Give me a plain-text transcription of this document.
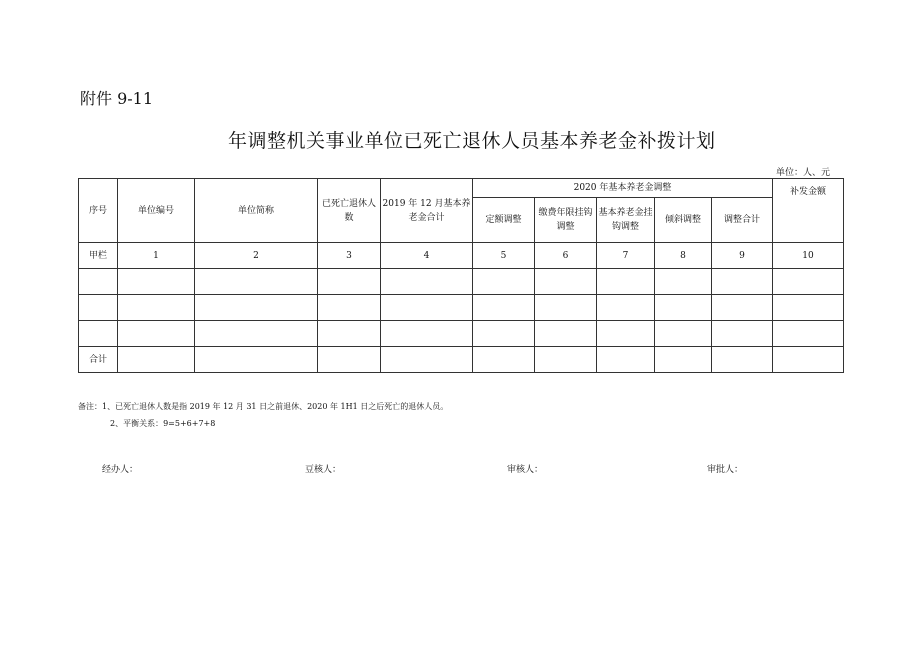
附件 9-11
年调整机关事业单位已死亡退休人员基本养老金补拨计划
单位：人、元
序号	单位编号	单位简称	已死亡退休人数	2019 年 12 月基本养老金合计	2020 年基本养老金调整					补发金额
					定额调整	缴费年限挂钩调整	基本养老金挂钩调整	倾斜调整	调整合计	
甲栏	1	2	3	4	5	6	7	8	9	10

合计										
备注：1、已死亡退休人数是指 2019 年 12 月 31 日之前退休、2020 年 1H1 日之后死亡的退休人员。
2、平衡关系：9=5+6+7+8
经办人：	豆核人：	审核人：	审批人：
